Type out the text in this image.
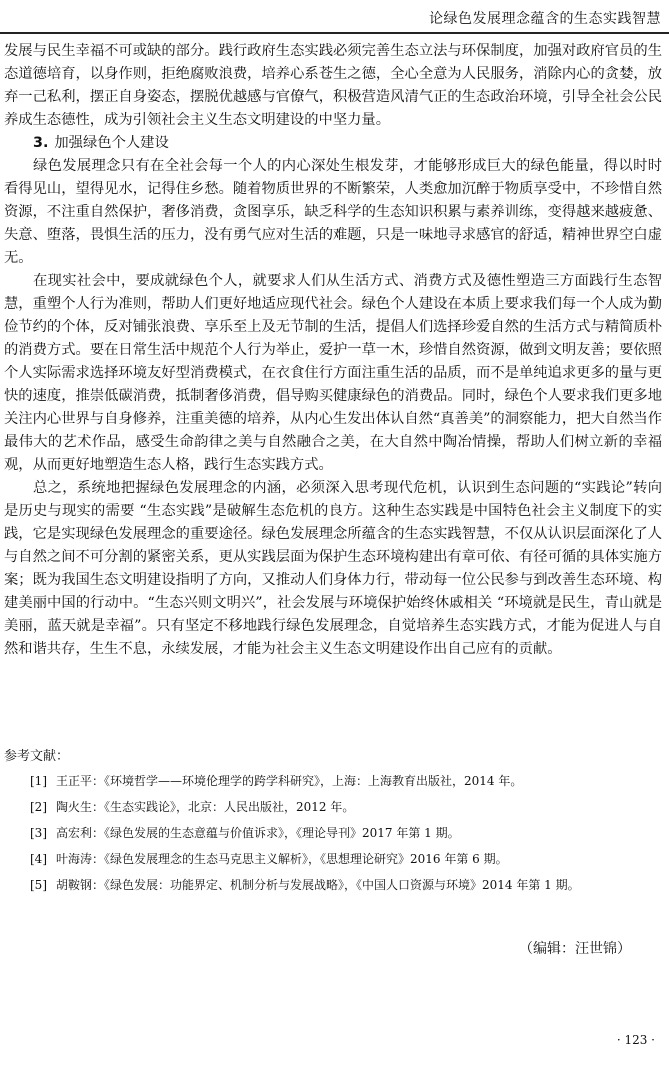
论绿色发展理念蕴含的生态实践智慧

发展与民生幸福不可或缺的部分。践行政府生态实践必须完善生态立法与环保制度，加强对政府官员的生态道德培育，以身作则，拒绝腐败浪费，培养心系苍生之德，全心全意为人民服务，消除内心的贪婪，放弃一己私利，摆正自身姿态，摆脱优越感与官僚气，积极营造风清气正的生态政治环境，引导全社会公民养成生态德性，成为引领社会主义生态文明建设的中坚力量。

3. 加强绿色个人建设

绿色发展理念只有在全社会每一个人的内心深处生根发芽，才能够形成巨大的绿色能量，得以时时看得见山，望得见水，记得住乡愁。随着物质世界的不断繁荣，人类愈加沉醉于物质享受中，不珍惜自然资源，不注重自然保护，奢侈消费，贪图享乐，缺乏科学的生态知识积累与素养训练，变得越来越疲惫、失意、堕落，畏惧生活的压力，没有勇气应对生活的难题，只是一味地寻求感官的舒适，精神世界空白虚无。

在现实社会中，要成就绿色个人，就要求人们从生活方式、消费方式及德性塑造三方面践行生态智慧，重塑个人行为准则，帮助人们更好地适应现代社会。绿色个人建设在本质上要求我们每一个人成为勤俭节约的个体，反对铺张浪费、享乐至上及无节制的生活，提倡人们选择珍爱自然的生活方式与精简质朴的消费方式。要在日常生活中规范个人行为举止，爱护一草一木，珍惜自然资源，做到文明友善；要依照个人实际需求选择环境友好型消费模式，在衣食住行方面注重生活的品质，而不是单纯追求更多的量与更快的速度，推崇低碳消费，抵制奢侈消费，倡导购买健康绿色的消费品。同时，绿色个人要求我们更多地关注内心世界与自身修养，注重美德的培养，从内心生发出体认自然“真善美”的洞察能力，把大自然当作最伟大的艺术作品，感受生命韵律之美与自然融合之美，在大自然中陶冶情操，帮助人们树立新的幸福观，从而更好地塑造生态人格，践行生态实践方式。

总之，系统地把握绿色发展理念的内涵，必须深入思考现代危机，认识到生态问题的“实践论”转向是历史与现实的需要 “生态实践”是破解生态危机的良方。这种生态实践是中国特色社会主义制度下的实践，它是实现绿色发展理念的重要途径。绿色发展理念所蕴含的生态实践智慧，不仅从认识层面深化了人与自然之间不可分割的紧密关系，更从实践层面为保护生态环境构建出有章可依、有径可循的具体实施方案；既为我国生态文明建设指明了方向，又推动人们身体力行，带动每一位公民参与到改善生态环境、构建美丽中国的行动中。“生态兴则文明兴”，社会发展与环境保护始终休戚相关 “环境就是民生，青山就是美丽，蓝天就是幸福”。只有坚定不移地践行绿色发展理念，自觉培养生态实践方式，才能为促进人与自然和谐共存，生生不息，永续发展，才能为社会主义生态文明建设作出自己应有的贡献。

参考文献：

[1] 王正平：《环境哲学——环境伦理学的跨学科研究》，上海：上海教育出版社，2014 年。
[2] 陶火生：《生态实践论》，北京：人民出版社，2012 年。
[3] 高宏利：《绿色发展的生态意蕴与价值诉求》，《理论导刊》2017 年第 1 期。
[4] 叶海涛：《绿色发展理念的生态马克思主义解析》，《思想理论研究》2016 年第 6 期。
[5] 胡鞍钢：《绿色发展：功能界定、机制分析与发展战略》，《中国人口资源与环境》2014 年第 1 期。
（编辑：汪世锦）
· 123 ·
